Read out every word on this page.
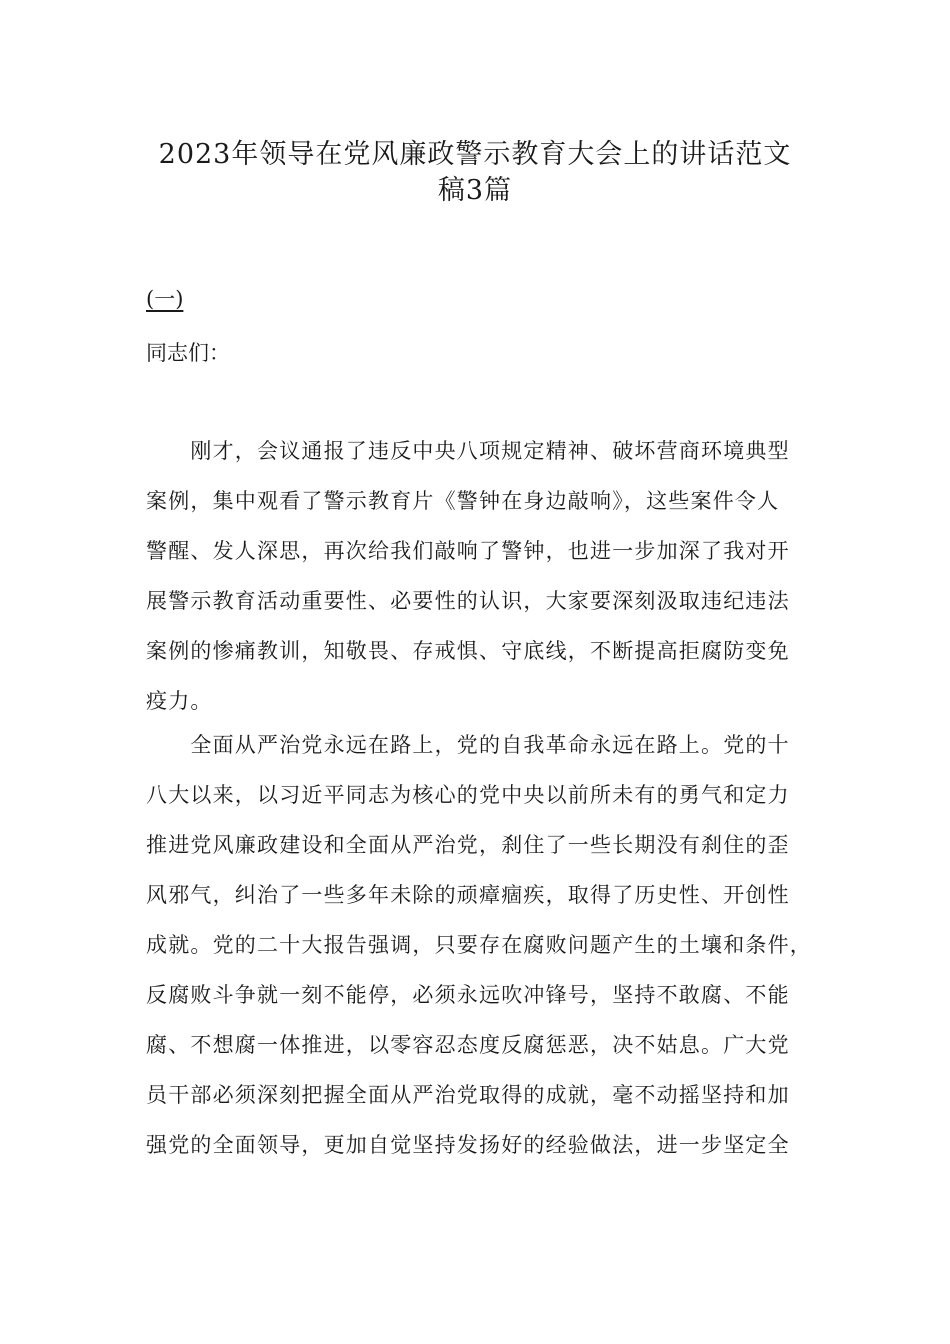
2023年领导在党风廉政警示教育大会上的讲话范文
稿3篇
(一)
同志们：
　　刚才，会议通报了违反中央八项规定精神、破坏营商环境典型
案例，集中观看了警示教育片《警钟在身边敲响》，这些案件令人
警醒、发人深思，再次给我们敲响了警钟，也进一步加深了我对开
展警示教育活动重要性、必要性的认识，大家要深刻汲取违纪违法
案例的惨痛教训，知敬畏、存戒惧、守底线，不断提高拒腐防变免
疫力。
　　全面从严治党永远在路上，党的自我革命永远在路上。党的十
八大以来，以习近平同志为核心的党中央以前所未有的勇气和定力
推进党风廉政建设和全面从严治党，刹住了一些长期没有刹住的歪
风邪气，纠治了一些多年未除的顽瘴痼疾，取得了历史性、开创性
成就。党的二十大报告强调，只要存在腐败问题产生的土壤和条件，
反腐败斗争就一刻不能停，必须永远吹冲锋号，坚持不敢腐、不能
腐、不想腐一体推进，以零容忍态度反腐惩恶，决不姑息。广大党
员干部必须深刻把握全面从严治党取得的成就，毫不动摇坚持和加
强党的全面领导，更加自觉坚持发扬好的经验做法，进一步坚定全
